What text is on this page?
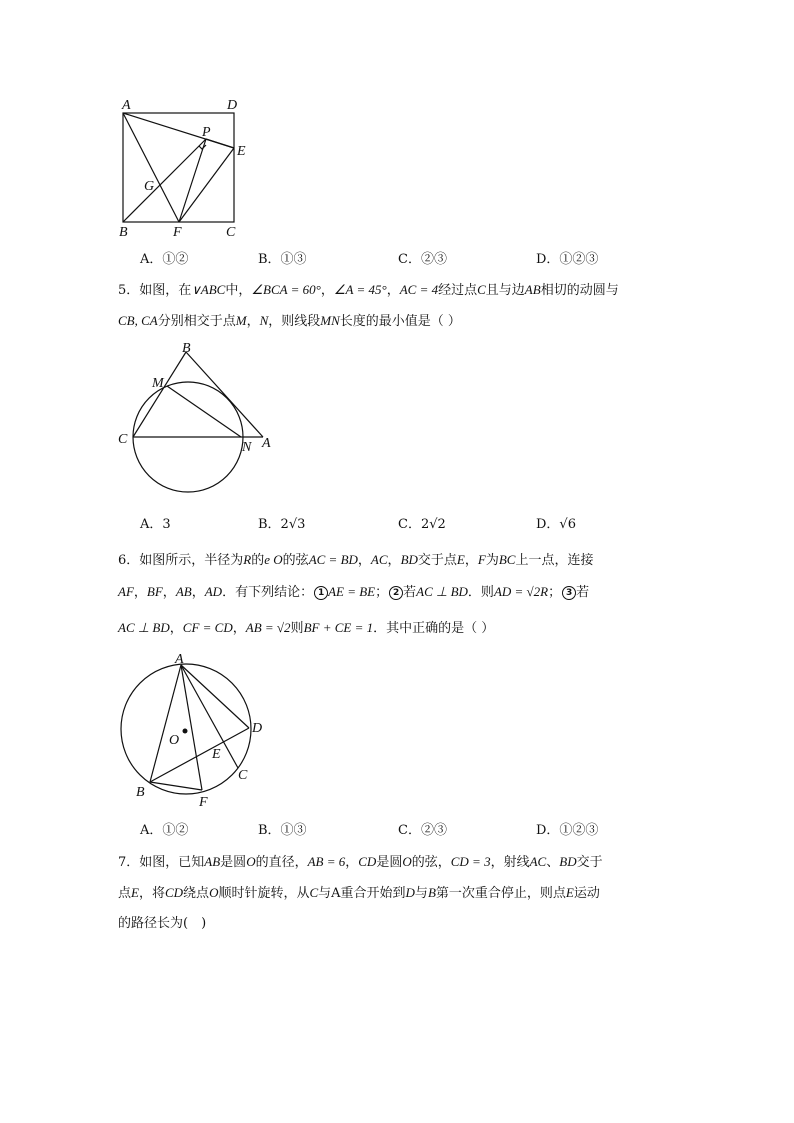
A	D
P
E
G
B	F	C
A．①②	B．①③	C．②③	D．①②③
5．如图，在∨ABC中，∠BCA = 60°，∠A = 45°，AC = 4经过点C且与边AB相切的动圆与
CB, CA分别相交于点M，N，则线段MN长度的最小值是（ ）
B
M
C
N A
A．3	B．2√3	C．2√2	D．√6
6．如图所示，半径为R的e O的弦AC = BD，AC，BD交于点E，F为BC上一点，连接
AF，BF，AB，AD．有下列结论： 1 AE = BE； 2 若AC ⊥ BD．则AD = √2R； 3 若
AC ⊥ BD，CF = CD，AB = √2则BF + CE = 1．其中正确的是（ ）
A
O
D
E
C
B
F
A．①②	B．①③	C．②③	D．①②③
7．如图，已知AB是圆O的直径，AB = 6，CD是圆O的弦，CD = 3，射线AC、BD交于
点E，将CD绕点O顺时针旋转，从C与A重合开始到D与B第一次重合停止，则点E运动
的路径长为(　)
